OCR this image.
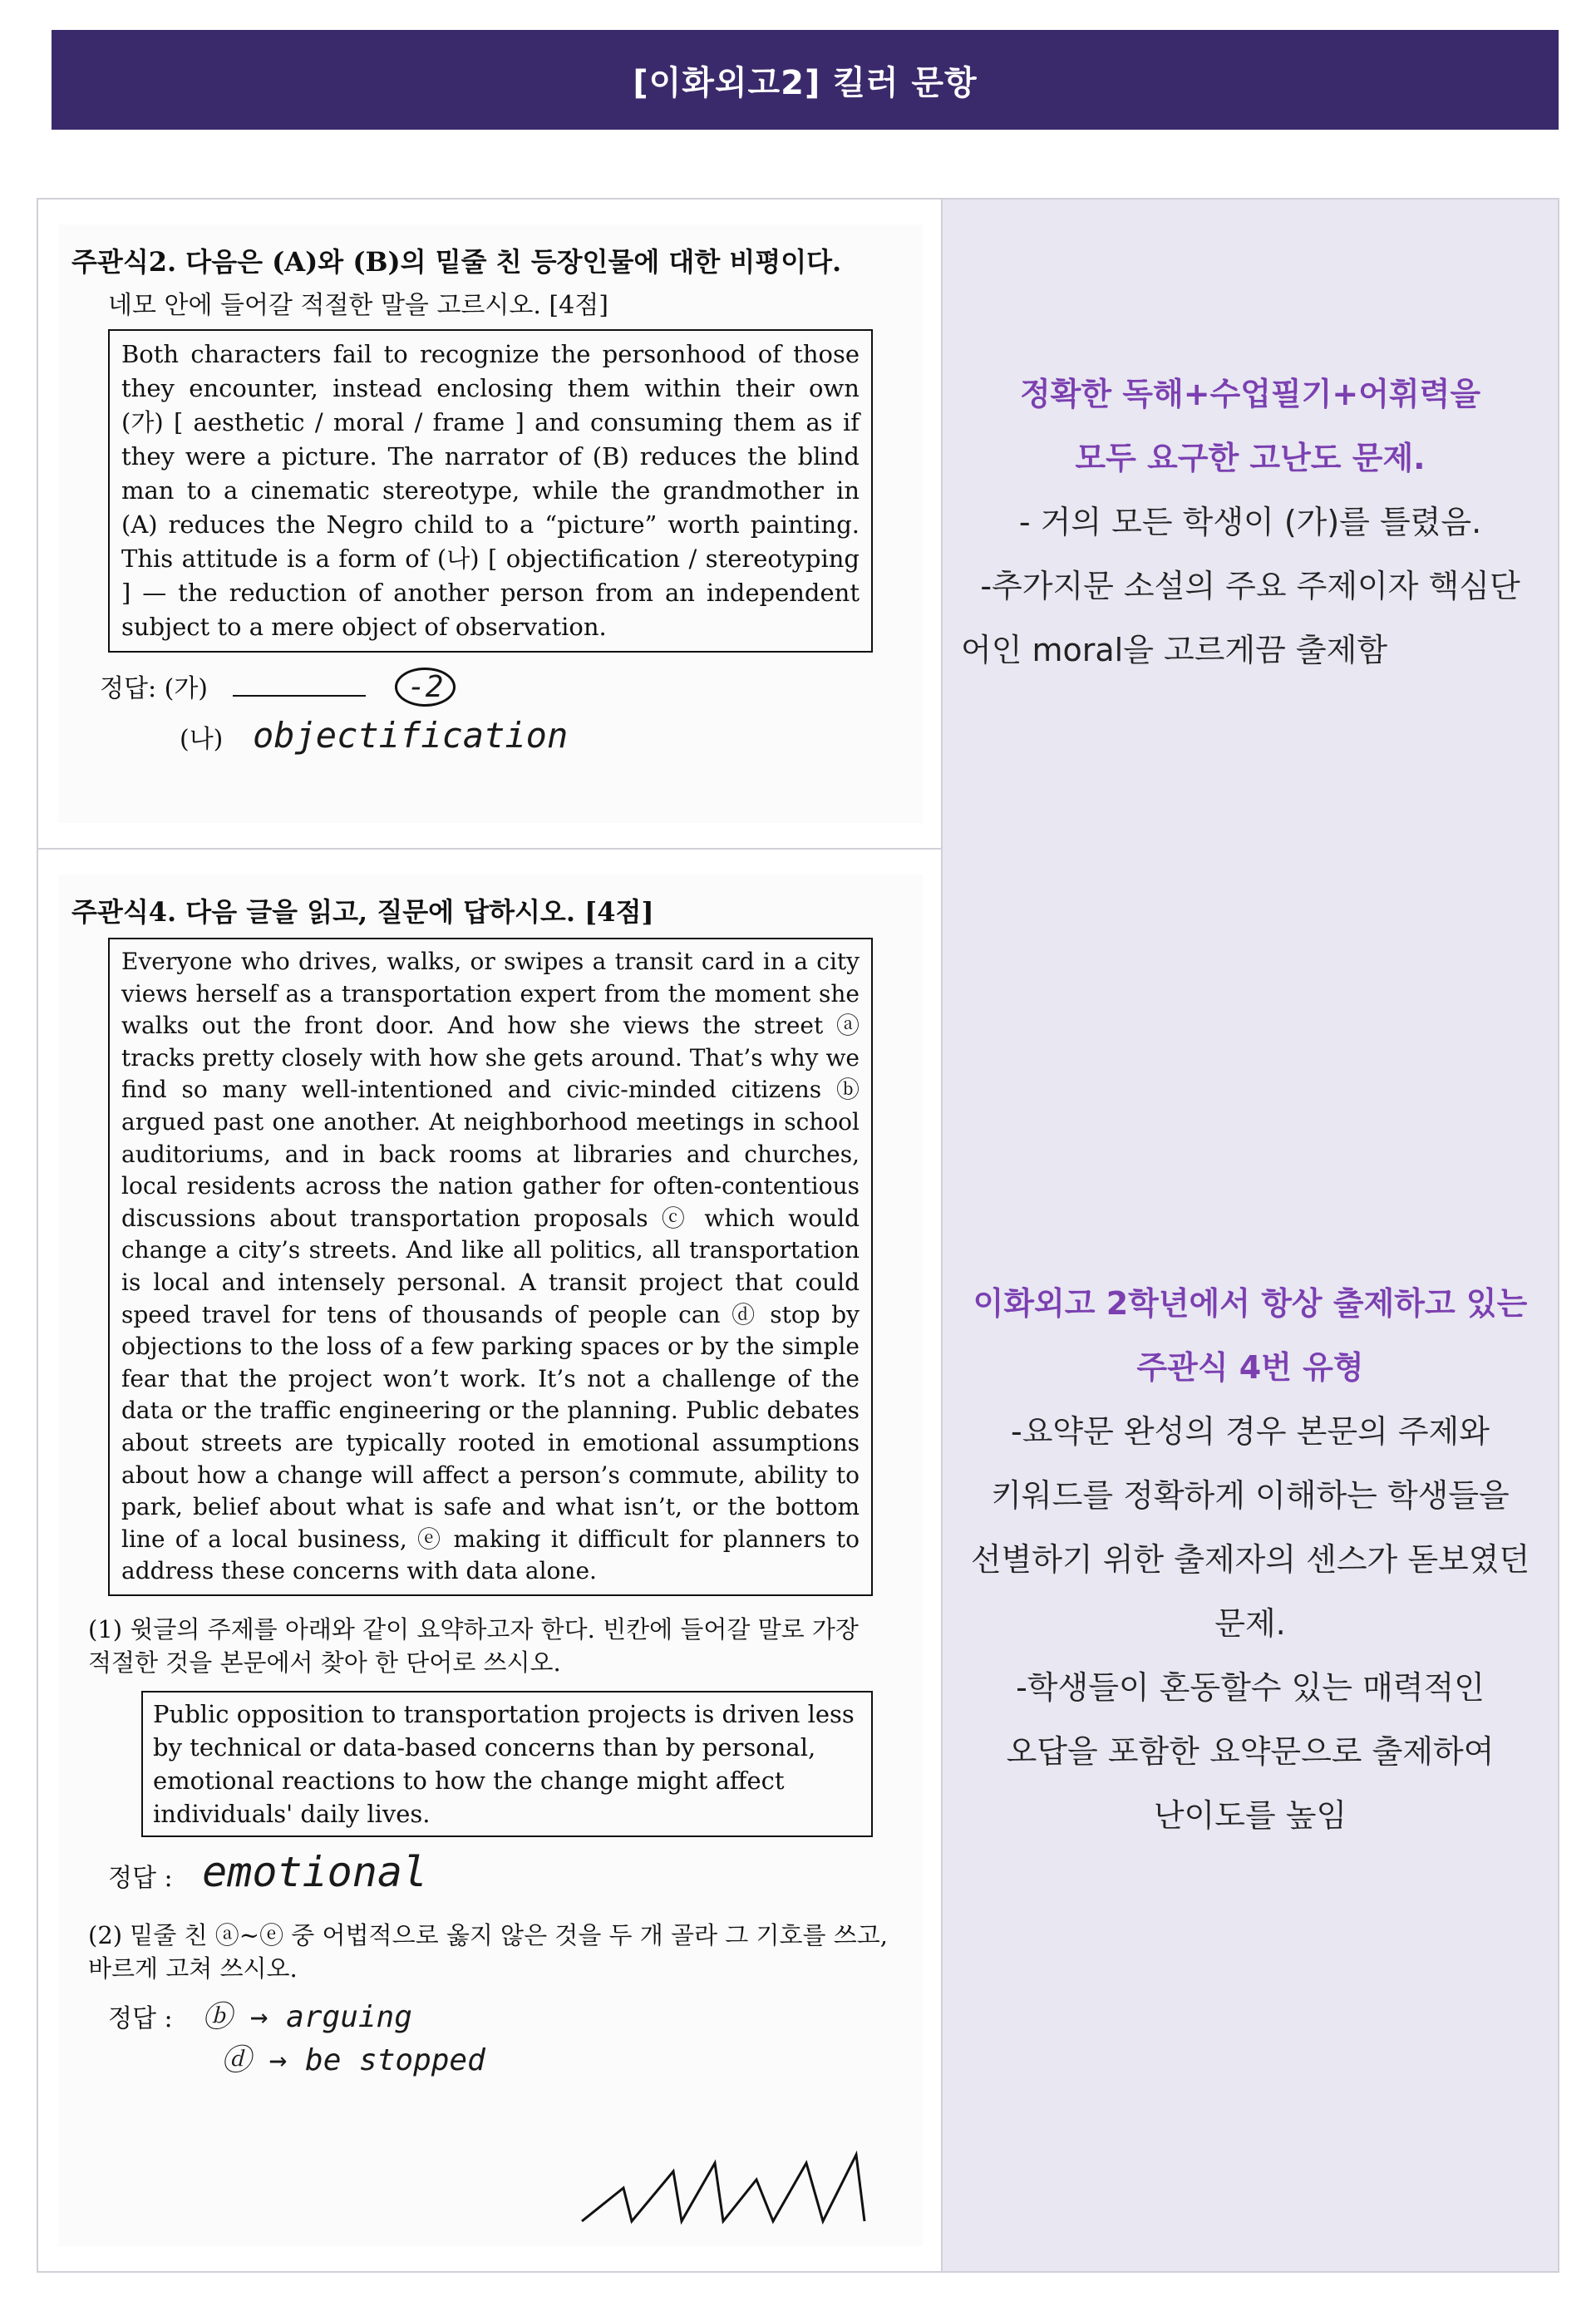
[이화외고2] 킬러 문항
주관식2. 다음은 (A)와 (B)의 밑줄 친 등장인물에 대한 비평이다.
네모 안에 들어갈 적절한 말을 고르시오. [4점]
Both characters fail to recognize the personhood of those they encounter, instead enclosing them within their own (가) [ aesthetic / moral / frame ] and consuming them as if they were a picture. The narrator of (B) reduces the blind man to a cinematic stereotype, while the grandmother in (A) reduces the Negro child to a “picture” worth painting. This attitude is a form of (나) [ objectification / stereotyping ] — the reduction of another person from an independent subject to a mere object of observation.
정답: (가)	-2
(나) objectification
주관식4. 다음 글을 읽고, 질문에 답하시오. [4점]
Everyone who drives, walks, or swipes a transit card in a city views herself as a transportation expert from the moment she walks out the front door. And how she views the street ⓐ tracks pretty closely with how she gets around. That’s why we find so many well-intentioned and civic-minded citizens ⓑ argued past one another. At neighborhood meetings in school auditoriums, and in back rooms at libraries and churches, local residents across the nation gather for often-contentious discussions about transportation proposals ⓒ which would change a city’s streets. And like all politics, all transportation is local and intensely personal. A transit project that could speed travel for tens of thousands of people can ⓓ stop by objections to the loss of a few parking spaces or by the simple fear that the project won’t work. It’s not a challenge of the data or the traffic engineering or the planning. Public debates about streets are typically rooted in emotional assumptions about how a change will affect a person’s commute, ability to park, belief about what is safe and what isn’t, or the bottom line of a local business, ⓔ making it difficult for planners to address these concerns with data alone.
(1) 윗글의 주제를 아래와 같이 요약하고자 한다. 빈칸에 들어갈 말로 가장 적절한 것을 본문에서 찾아 한 단어로 쓰시오.
Public opposition to transportation projects is driven less by technical or data-based concerns than by personal, emotional reactions to how the change might affect individuals' daily lives.
정답 : emotional
(2) 밑줄 친 ⓐ~ⓔ 중 어법적으로 옳지 않은 것을 두 개 골라 그 기호를 쓰고, 바르게 고쳐 쓰시오.
정답 : ⓑ → arguing
ⓓ → be stopped
정확한 독해+수업필기+어휘력을
모두 요구한 고난도 문제.
- 거의 모든 학생이 (가)를 틀렸음.
-추가지문 소설의 주요 주제이자 핵심단
어인 moral을 고르게끔 출제함
이화외고 2학년에서 항상 출제하고 있는
주관식 4번 유형
-요약문 완성의 경우 본문의 주제와
키워드를 정확하게 이해하는 학생들을
선별하기 위한 출제자의 센스가 돋보였던
문제.
-학생들이 혼동할수 있는 매력적인
오답을 포함한 요약문으로 출제하여
난이도를 높임
